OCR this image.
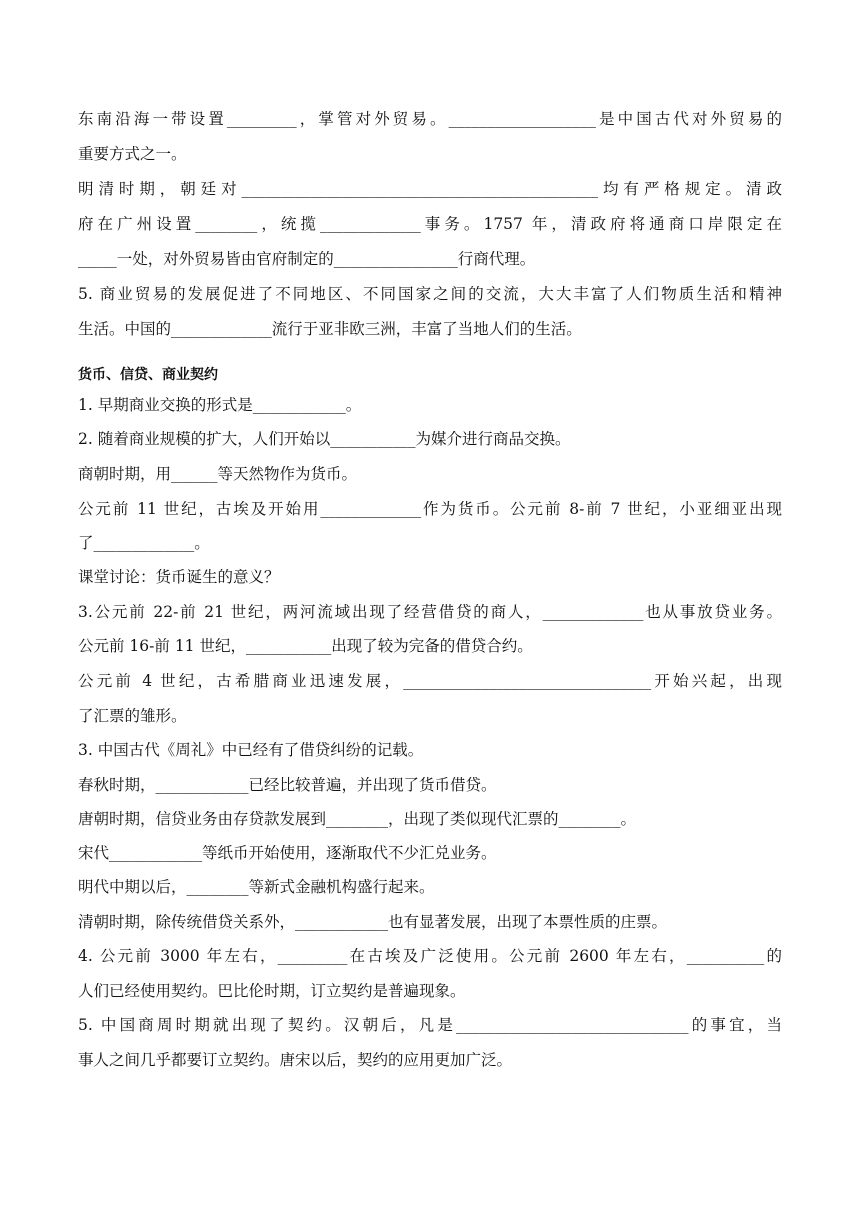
东南沿海一带设置_________，掌管对外贸易。___________________是中国古代对外贸易的
重要方式之一。
明清时期，朝廷对______________________________________________均有严格规定。清政
府在广州设置________，统揽_____________事务。1757 年，清政府将通商口岸限定在
_____一处，对外贸易皆由官府制定的________________行商代理。
5. 商业贸易的发展促进了不同地区、不同国家之间的交流，大大丰富了人们物质生活和精神
生活。中国的_____________流行于亚非欧三洲，丰富了当地人们的生活。
货币、信贷、商业契约
1. 早期商业交换的形式是____________。
2. 随着商业规模的扩大，人们开始以___________为媒介进行商品交换。
商朝时期，用______等天然物作为货币。
公元前 11 世纪，古埃及开始用_____________作为货币。公元前 8-前 7 世纪，小亚细亚出现
了_____________。
课堂讨论：货币诞生的意义？
3.公元前 22-前 21 世纪，两河流域出现了经营借贷的商人，_____________也从事放贷业务。
公元前 16-前 11 世纪，___________出现了较为完备的借贷合约。
公元前 4 世纪，古希腊商业迅速发展，________________________________开始兴起，出现
了汇票的雏形。
3. 中国古代《周礼》中已经有了借贷纠纷的记载。
春秋时期，____________已经比较普遍，并出现了货币借贷。
唐朝时期，信贷业务由存贷款发展到________，出现了类似现代汇票的________。
宋代____________等纸币开始使用，逐渐取代不少汇兑业务。
明代中期以后，________等新式金融机构盛行起来。
清朝时期，除传统借贷关系外，____________也有显著发展，出现了本票性质的庄票。
4. 公元前 3000 年左右，_________在古埃及广泛使用。公元前 2600 年左右，__________的
人们已经使用契约。巴比伦时期，订立契约是普遍现象。
5. 中国商周时期就出现了契约。汉朝后，凡是______________________________的事宜，当
事人之间几乎都要订立契约。唐宋以后，契约的应用更加广泛。
